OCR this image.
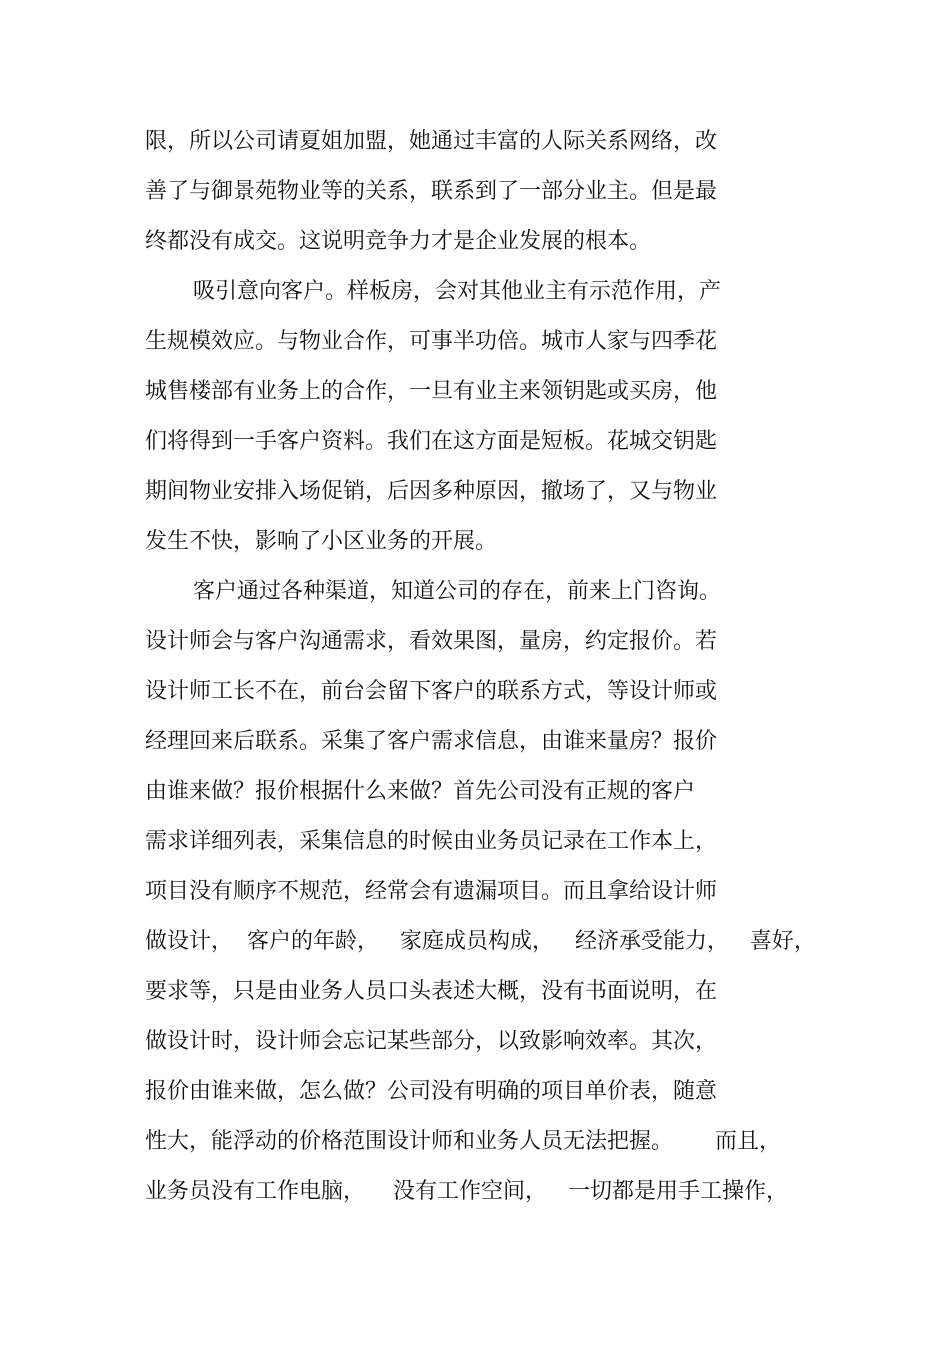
限，所以公司请夏姐加盟，她通过丰富的人际关系网络，改
善了与御景苑物业等的关系，联系到了一部分业主。但是最
终都没有成交。这说明竞争力才是企业发展的根本。
吸引意向客户。样板房，会对其他业主有示范作用，产
生规模效应。与物业合作，可事半功倍。城市人家与四季花
城售楼部有业务上的合作，一旦有业主来领钥匙或买房，他
们将得到一手客户资料。我们在这方面是短板。花城交钥匙
期间物业安排入场促销，后因多种原因，撤场了，又与物业
发生不快，影响了小区业务的开展。
客户通过各种渠道，知道公司的存在，前来上门咨询。
设计师会与客户沟通需求，看效果图，量房，约定报价。若
设计师工长不在，前台会留下客户的联系方式，等设计师或
经理回来后联系。采集了客户需求信息，由谁来量房？报价
由谁来做？报价根据什么来做？首先公司没有正规的客户
需求详细列表，采集信息的时候由业务员记录在工作本上，
项目没有顺序不规范，经常会有遗漏项目。而且拿给设计师
做设计，  客户的年龄，   家庭成员构成，   经济承受能力，   喜好，
要求等，只是由业务人员口头表述大概，没有书面说明，在
做设计时，设计师会忘记某些部分，以致影响效率。其次，
报价由谁来做，怎么做？公司没有明确的项目单价表，随意
性大，能浮动的价格范围设计师和业务人员无法把握。      而且，
业务员没有工作电脑，    没有工作空间，   一切都是用手工操作，
